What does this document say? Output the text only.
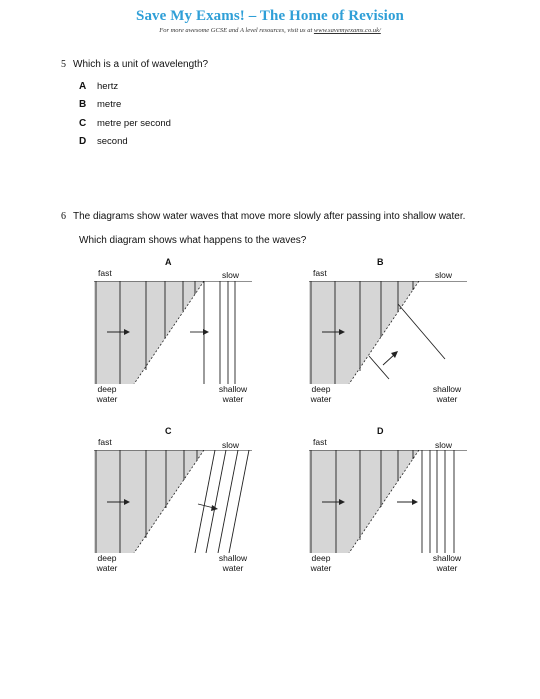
Save My Exams! – The Home of Revision
For more awesome GCSE and A level resources, visit us at www.savemyexams.co.uk/
5 Which is a unit of wavelength?
A hertz
B metre
C metre per second
D second
6 The diagrams show water waves that move more slowly after passing into shallow water.
Which diagram shows what happens to the waves?
A
fast	slow
deep
water
shallow
water
B
fast	slow
deep
water
shallow
water
C
fast	slow
deep
water
shallow
water
D
fast	slow
deep
water
shallow
water
